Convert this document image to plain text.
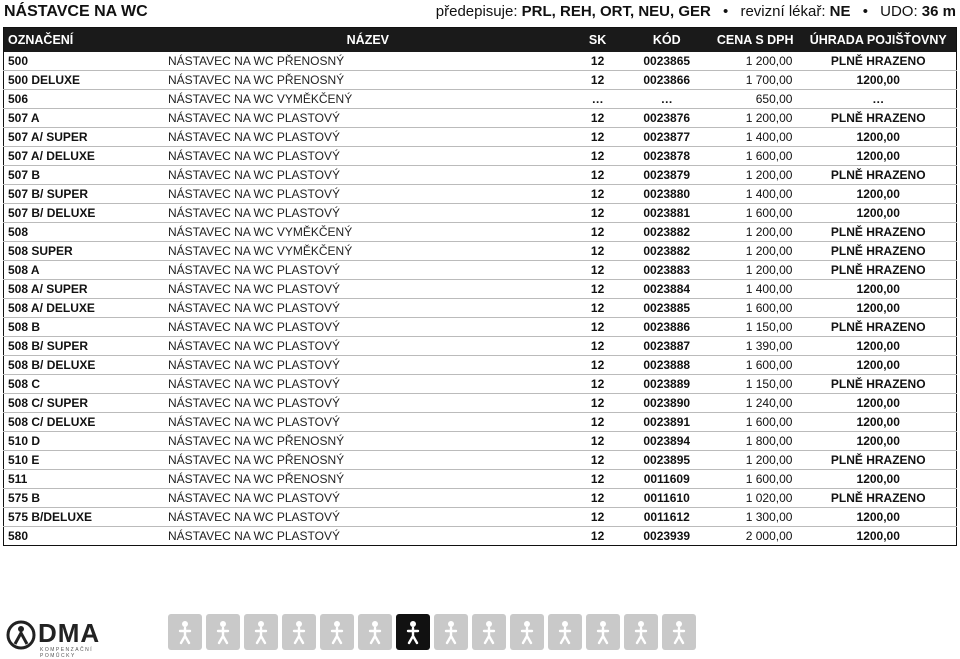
NÁSTAVCE NA WC	předepisuje: PRL, REH, ORT, NEU, GER • revizní lékař: NE • UDO: 36 m
OZNAČENÍ	NÁZEV	SK	KÓD	CENA S DPH	ÚHRADA POJIŠŤOVNY
500	NÁSTAVEC NA WC PŘENOSNÝ	12	0023865	1 200,00	PLNĚ HRAZENO
500 DELUXE	NÁSTAVEC NA WC PŘENOSNÝ	12	0023866	1 700,00	1200,00
506	NÁSTAVEC NA WC VYMĚKČENÝ	…	…	650,00	…
507 A	NÁSTAVEC NA WC PLASTOVÝ	12	0023876	1 200,00	PLNĚ HRAZENO
507 A/ SUPER	NÁSTAVEC NA WC PLASTOVÝ	12	0023877	1 400,00	1200,00
507 A/ DELUXE	NÁSTAVEC NA WC PLASTOVÝ	12	0023878	1 600,00	1200,00
507 B	NÁSTAVEC NA WC PLASTOVÝ	12	0023879	1 200,00	PLNĚ HRAZENO
507 B/ SUPER	NÁSTAVEC NA WC PLASTOVÝ	12	0023880	1 400,00	1200,00
507 B/ DELUXE	NÁSTAVEC NA WC PLASTOVÝ	12	0023881	1 600,00	1200,00
508	NÁSTAVEC NA WC VYMĚKČENÝ	12	0023882	1 200,00	PLNĚ HRAZENO
508 SUPER	NÁSTAVEC NA WC VYMĚKČENÝ	12	0023882	1 200,00	PLNĚ HRAZENO
508 A	NÁSTAVEC NA WC PLASTOVÝ	12	0023883	1 200,00	PLNĚ HRAZENO
508 A/ SUPER	NÁSTAVEC NA WC PLASTOVÝ	12	0023884	1 400,00	1200,00
508 A/ DELUXE	NÁSTAVEC NA WC PLASTOVÝ	12	0023885	1 600,00	1200,00
508 B	NÁSTAVEC NA WC PLASTOVÝ	12	0023886	1 150,00	PLNĚ HRAZENO
508 B/ SUPER	NÁSTAVEC NA WC PLASTOVÝ	12	0023887	1 390,00	1200,00
508 B/ DELUXE	NÁSTAVEC NA WC PLASTOVÝ	12	0023888	1 600,00	1200,00
508 C	NÁSTAVEC NA WC PLASTOVÝ	12	0023889	1 150,00	PLNĚ HRAZENO
508 C/ SUPER	NÁSTAVEC NA WC PLASTOVÝ	12	0023890	1 240,00	1200,00
508 C/ DELUXE	NÁSTAVEC NA WC PLASTOVÝ	12	0023891	1 600,00	1200,00
510 D	NÁSTAVEC NA WC PŘENOSNÝ	12	0023894	1 800,00	1200,00
510 E	NÁSTAVEC NA WC PŘENOSNÝ	12	0023895	1 200,00	PLNĚ HRAZENO
511	NÁSTAVEC NA WC PŘENOSNÝ	12	0011609	1 600,00	1200,00
575 B	NÁSTAVEC NA WC PLASTOVÝ	12	0011610	1 020,00	PLNĚ HRAZENO
575 B/DELUXE	NÁSTAVEC NA WC PLASTOVÝ	12	0011612	1 300,00	1200,00
580	NÁSTAVEC NA WC PLASTOVÝ	12	0023939	2 000,00	1200,00
DMA
KOMPENZAČNÍ POMŮCKY
